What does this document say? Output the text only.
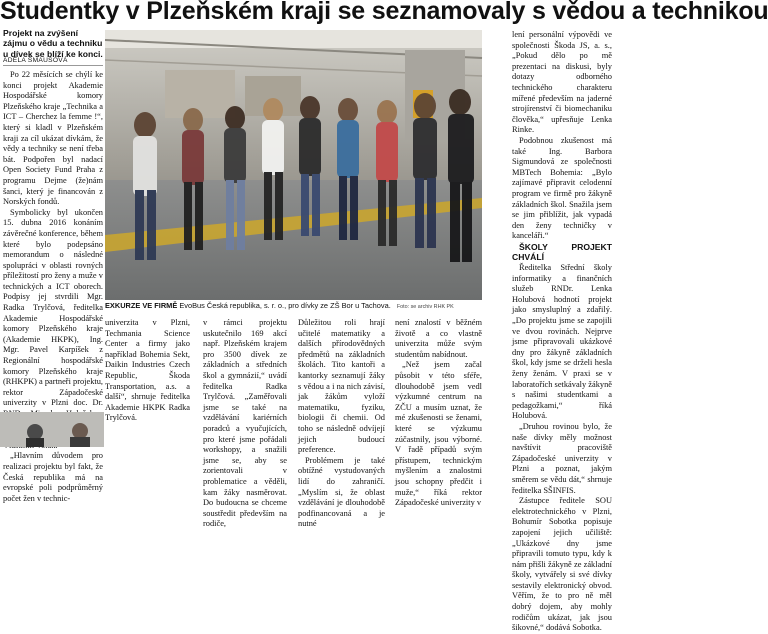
Studentky v Plzeňském kraji se seznamovaly s vědou a technikou
Projekt na zvýšení zájmu o vědu a techniku u dívek se blíží ke konci.
ADÉLA ŠMAUSOVÁ

Po 22 měsících se chýlí ke konci projekt Akademie Hospodářské komory Plzeňského kraje „Technika a ICT – Cherchez la femme !“, který si kladl v Plzeňském kraji za cíl ukázat dívkám, že vědy a techniky se není třeba bát. Podpořen byl nadací Open Society Fund Praha z programu Dejme (že)nám šanci, který je financován z Norských fondů.

Symbolicky byl ukončen 15. dubna 2016 konáním závěrečné konference, během které bylo podepsáno memorandum o následné spolupráci v oblasti rovných příležitostí pro ženy a muže v technických a ICT oborech. Podpisy jej stvrdili Mgr. Radka Trylčová, ředitelka Akademie Hospodářské komory Plzeňského kraje (Akademie HKPK), Ing. Mgr. Pavel Karpíšek z Regionální hospodářské komory Plzeňského kraje (RHKPK) a partneři projektu, rektor Západočeské univerzity v Plzni doc. Dr.

„Hlavním důvodem pro realizaci projektu byl fakt, že Česká republika má na evropské poli podprůměrný počet žen v technic-

EXKURZE VE FIRMĚ EvoBus Česká republika, s. r. o., pro dívky ze ZŠ Bor u Tachova. Foto: se archiv RHK PK

univerzita v Plzni, Techmania Science Center a firmy jako například Bohemia Sekt, Daikin Industries Czech Republic, Škoda Transportation, a.s. a další“, shrnuje ředitelka Akademie HKPK Radka Trylčová.

v rámci projektu uskutečnilo 169 akcí např. Plzeňském krajem pro 3500 dívek ze základních a středních škol a gymnázií,“ uvádí ředitelka Radka Trylčová. „Zaměřovali jsme se také na vzdělávání kariérních poradců a vyučujících, pro které jsme pořádali workshopy, a snažili jsme se, aby se zorientovali v problematice a věděli, kam žáky nasměrovat. Do budoucna se chceme soustředit především na rodiče,

Důležitou roli hrají učitelé matematiky a dalších přírodovědných předmětů na základních školách. Tito kantoři a kantorky seznamují žáky s vědou a i na nich závisí, jak žákům vyloží matematiku, fyziku, biologii či chemii. Od toho se následně odvíjejí jejich budoucí preference.

Problémem je také obtížné vystudovaných lidí do zahraničí. „Myslím si, že oblast vzdělávání je dlouhodobě podfinancovaná a je nutné

není znalostí v běžném životě a co vlastně univerzita může svým studentům nabídnout.

„Než jsem začal působit v této sféře, dlouhodobě jsem vedl výzkumné centrum na ZČU a musím uznat, že mé zkušenosti se ženami, které se výzkumu zúčastnily, jsou výborné. V řadě případů svým přístupem, technickým myšlením a znalostmi jsou schopny předčit i muže,“ říká rektor Západočeské univerzity v

lení personální výpovědi ve společnosti Škoda JS, a. s., „Pokud dělo po mě prezentaci na diskusi, byly dotazy odborného technického charakteru mířené především na jaderné strojírenství či biomechaniku člověka,“ upřesňuje Lenka Rinke.

Podobnou zkušenost má také Ing. Barbora Sigmundová ze společnosti MBTech Bohemia: „Bylo zajímavé připravit celodenní program ve firmě pro žákyně základních škol. Snažila jsem se jim přiblížit, jak vypadá den ženy techničky v kanceláři.“

ŠKOLY PROJEKT CHVÁLÍ

Ředitelka Střední školy informatiky a finančních služeb RNDr. Lenka Holubová hodnotí projekt jako smysluplný a zdařilý. „Do projektu jsme se zapojili ve dvou rovinách. Nejprve jsme připravovali ukázkové dny pro žákyně základních škol, kdy jsme se drželi hesla ženy ženám. V praxi se v laboratořích setkávaly žákyně s našimi studentkami a pedagožkami,“ říká Holubová.

„Druhou rovinou bylo, že naše dívky měly možnost navštívit pracoviště Západočeské univerzity v Plzni a poznat, jakým směrem se vědu dát,“ shrnuje ředitelka SŠINFIS.

Zástupce ředitele SOU elektrotechnického v Plzni, Bohumír Sobotka popisuje zapojení jejich učiliště: „Ukázkové dny jsme připravili tomuto typu, kdy k nám přišli žákyně ze základní školy, vytvářely si své dívky sestavily elektronický obvod. Věřím, že to pro ně měl dobrý dojem, aby mohly rodičům ukázat, jak jsou šikovné,“ dodává Sobotka.
